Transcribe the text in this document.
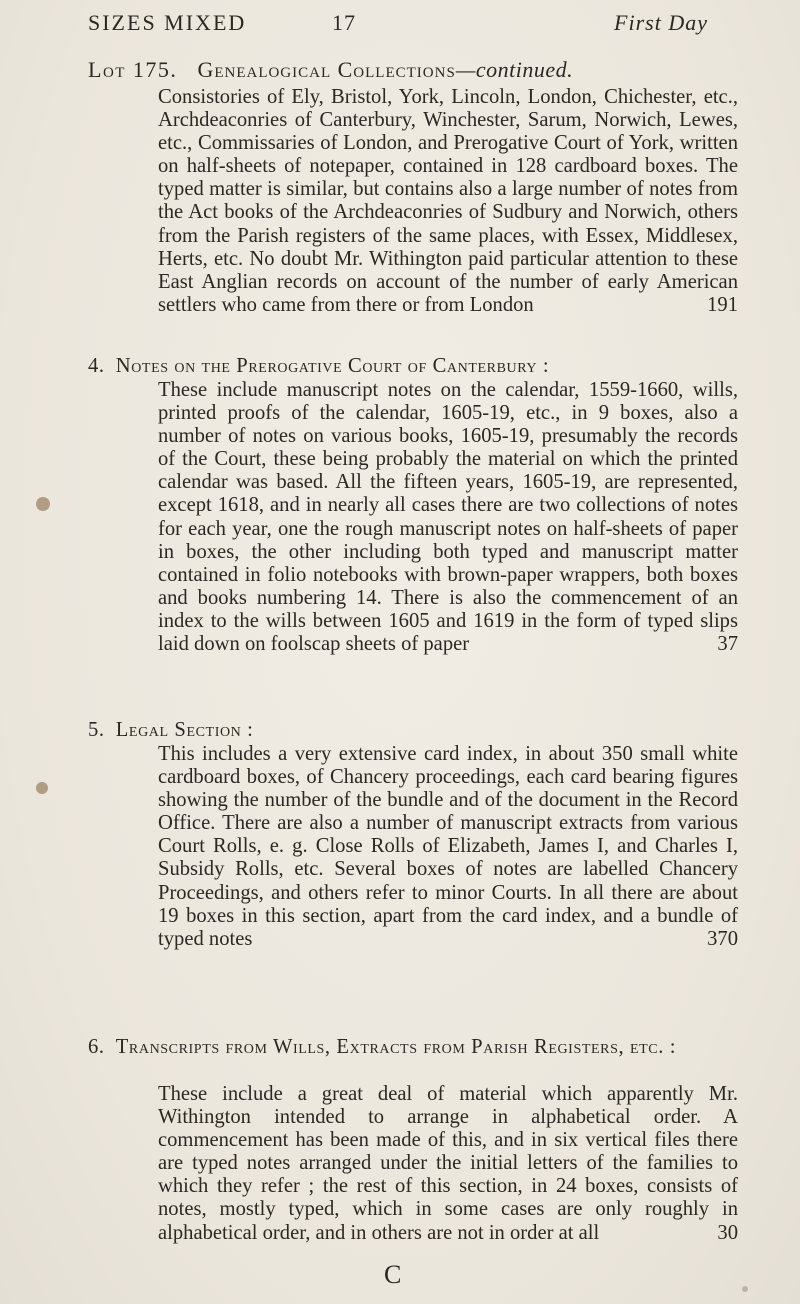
SIZES MIXED	17	First Day
Lot 175. Genealogical Collections—continued.

Consistories of Ely, Bristol, York, Lincoln, London, Chichester, etc., Archdeaconries of Canterbury, Winchester, Sarum, Norwich, Lewes, etc., Commissaries of London, and Prerogative Court of York, written on half-sheets of notepaper, contained in 128 cardboard boxes. The typed matter is similar, but contains also a large number of notes from the Act books of the Archdeaconries of Sudbury and Norwich, others from the Parish registers of the same places, with Essex, Middlesex, Herts, etc. No doubt Mr. Withington paid particular attention to these East Anglian records on account of the number of early American settlers who came from there or from London	191

4. Notes on the Prerogative Court of Canterbury :

These include manuscript notes on the calendar, 1559-1660, wills, printed proofs of the calendar, 1605-19, etc., in 9 boxes, also a number of notes on various books, 1605-19, presumably the records of the Court, these being probably the material on which the printed calendar was based. All the fifteen years, 1605-19, are represented, except 1618, and in nearly all cases there are two collections of notes for each year, one the rough manuscript notes on half-sheets of paper in boxes, the other including both typed and manuscript matter contained in folio notebooks with brown-paper wrappers, both boxes and books numbering 14. There is also the commencement of an index to the wills between 1605 and 1619 in the form of typed slips laid down on foolscap sheets of paper	37

5. Legal Section :

This includes a very extensive card index, in about 350 small white cardboard boxes, of Chancery proceedings, each card bearing figures showing the number of the bundle and of the document in the Record Office. There are also a number of manuscript extracts from various Court Rolls, e. g. Close Rolls of Elizabeth, James I, and Charles I, Subsidy Rolls, etc. Several boxes of notes are labelled Chancery Proceedings, and others refer to minor Courts. In all there are about 19 boxes in this section, apart from the card index, and a bundle of typed notes	370

6. Transcripts from Wills, Extracts from Parish Registers, etc. :

These include a great deal of material which apparently Mr. Withington intended to arrange in alphabetical order. A commencement has been made of this, and in six vertical files there are typed notes arranged under the initial letters of the families to which they refer ; the rest of this section, in 24 boxes, consists of notes, mostly typed, which in some cases are only roughly in alphabetical order, and in others are not in order at all	30

C
